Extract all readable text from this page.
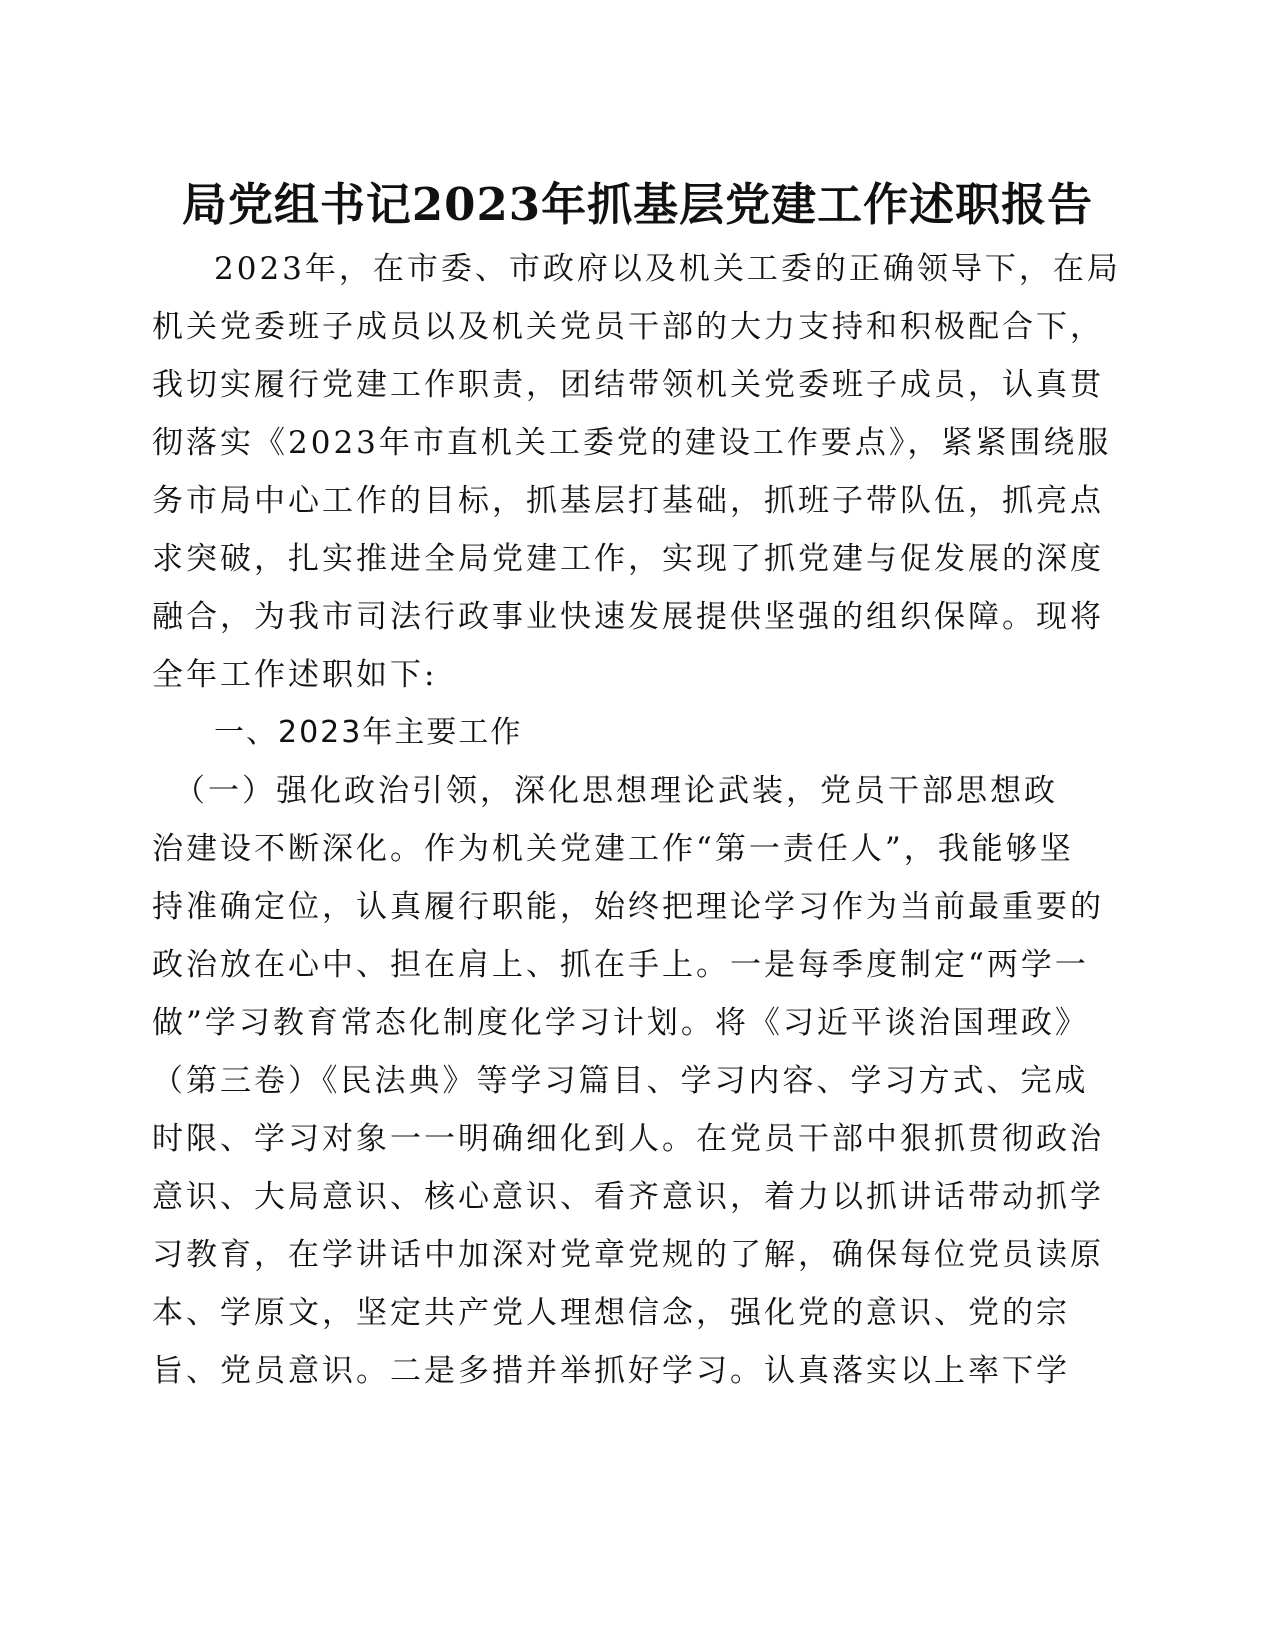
局党组书记2023年抓基层党建工作述职报告
2023年，在市委、市政府以及机关工委的正确领导下，在局
机关党委班子成员以及机关党员干部的大力支持和积极配合下，
我切实履行党建工作职责，团结带领机关党委班子成员，认真贯
彻落实《2023年市直机关工委党的建设工作要点》，紧紧围绕服
务市局中心工作的目标，抓基层打基础，抓班子带队伍，抓亮点
求突破，扎实推进全局党建工作，实现了抓党建与促发展的深度
融合，为我市司法行政事业快速发展提供坚强的组织保障。现将
全年工作述职如下:
一、2023年主要工作
（一）强化政治引领，深化思想理论武装，党员干部思想政
治建设不断深化。作为机关党建工作“第一责任人”，我能够坚
持准确定位，认真履行职能，始终把理论学习作为当前最重要的
政治放在心中、担在肩上、抓在手上。一是每季度制定“两学一
做”学习教育常态化制度化学习计划。将《习近平谈治国理政》
（第三卷）《民法典》等学习篇目、学习内容、学习方式、完成
时限、学习对象一一明确细化到人。在党员干部中狠抓贯彻政治
意识、大局意识、核心意识、看齐意识，着力以抓讲话带动抓学
习教育，在学讲话中加深对党章党规的了解，确保每位党员读原
本、学原文，坚定共产党人理想信念，强化党的意识、党的宗
旨、党员意识。二是多措并举抓好学习。认真落实以上率下学
